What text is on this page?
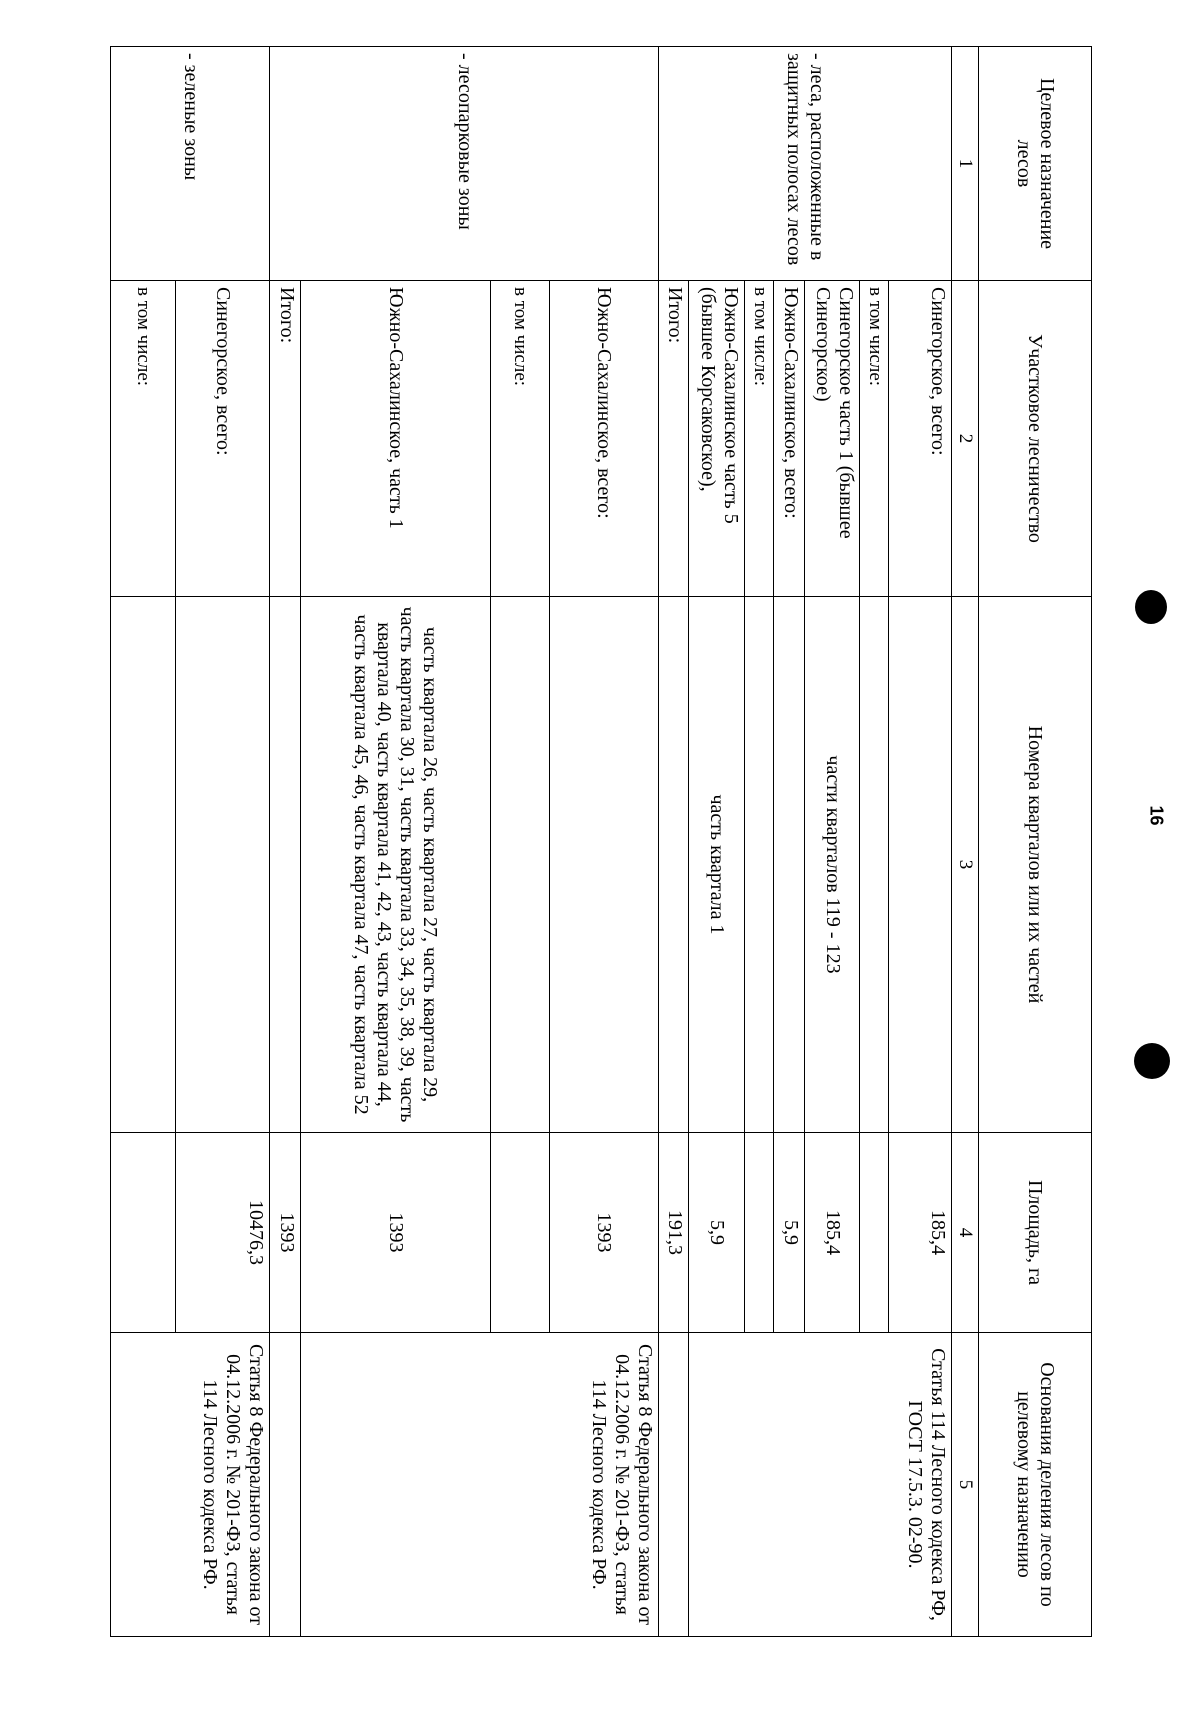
Целевое назначение лесов	Участковое лесничество	Номера кварталов или их частей	Площадь, га	Основания деления лесов по целевому назначению
1	2	3	4	5
- леса, расположенные в защитных полосах лесов	Синегорское, всего:		185,4	Статья 114 Лесного кодекса РФ, ГОСТ 17.5.3. 02-90.
	в том числе:			
	Синегорское часть 1 (бывшее Синегорское)	части кварталов 119 - 123	185,4	
	Южно-Сахалинское, всего:		5,9	
	в том числе:			
	Южно-Сахалинское часть 5 (бывшее Корсаковское),	часть квартала 1	5,9	
	Итого:		191,3	
- лесопарковые зоны	Южно-Сахалинское, всего:		1393	Статья 8 Федерального закона от 04.12.2006 г. № 201-ФЗ, статья 114 Лесного кодекса РФ.
	в том числе:			
	Южно-Сахалинское, часть 1	часть квартала 26, часть квартала 27, часть квартала 29, часть квартала 30, 31, часть квартала 33, 34, 35, 38, 39, часть квартала 40, часть квартала 41, 42, 43, часть квартала 44, часть квартала 45, 46, часть квартала 47, часть квартала 52	1393	
	Итого:		1393	
- зеленые зоны	Синегорское, всего:		10476,3	Статья 8 Федерального закона от 04.12.2006 г. № 201-ФЗ, статья 114 Лесного кодекса РФ.
	в том числе:			
16
